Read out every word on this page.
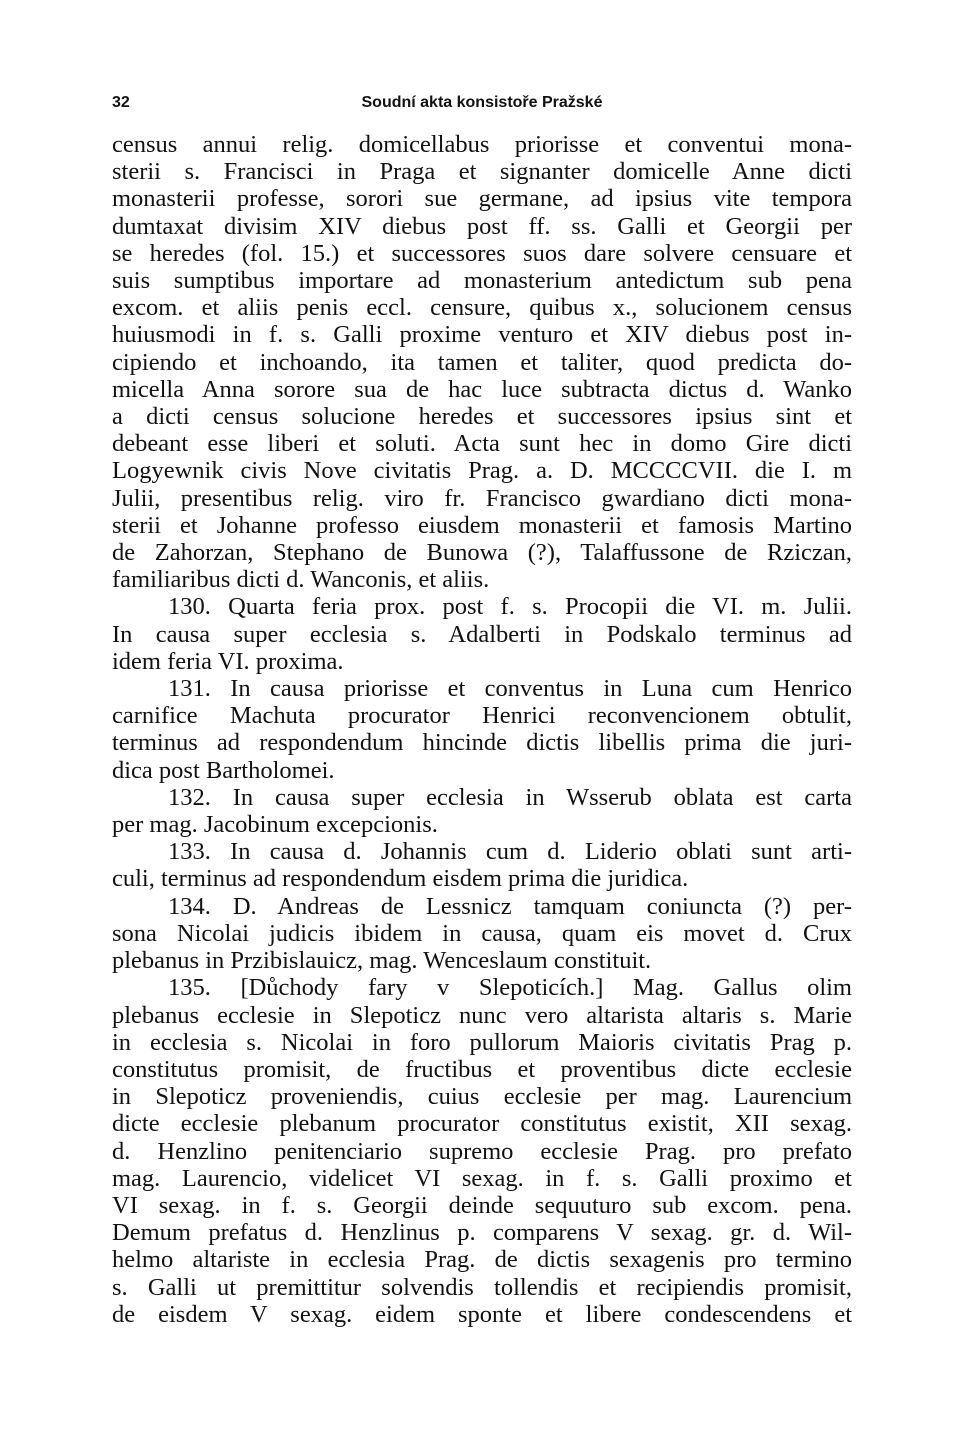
32	Soudní akta konsistoře Pražské

census annui relig. domicellabus priorisse et conventui mona-

sterii s. Francisci in Praga et signanter domicelle Anne dicti

monasterii professe, sorori sue germane, ad ipsius vite tempora

dumtaxat divisim XIV diebus post ff. ss. Galli et Georgii per

se heredes (fol. 15.) et successores suos dare solvere censuare et

suis sumptibus importare ad monasterium antedictum sub pena

excom. et aliis penis eccl. censure, quibus x., solucionem census

huiusmodi in f. s. Galli proxime venturo et XIV diebus post in-

cipiendo et inchoando, ita tamen et taliter, quod predicta do-

micella Anna sorore sua de hac luce subtracta dictus d. Wanko

a dicti census solucione heredes et successores ipsius sint et

debeant esse liberi et soluti. Acta sunt hec in domo Gire dicti

Logyewnik civis Nove civitatis Prag. a. D. MCCCCVII. die I. m

Julii, presentibus relig. viro fr. Francisco gwardiano dicti mona-

sterii et Johanne professo eiusdem monasterii et famosis Martino

de Zahorzan, Stephano de Bunowa (?), Talaffussone de Rziczan,

familiaribus dicti d. Wanconis, et aliis.

130. Quarta feria prox. post f. s. Procopii die VI. m. Julii.

In causa super ecclesia s. Adalberti in Podskalo terminus ad

idem feria VI. proxima.

131. In causa priorisse et conventus in Luna cum Henrico

carnifice Machuta procurator Henrici reconvencionem obtulit,

terminus ad respondendum hincinde dictis libellis prima die juri-

dica post Bartholomei.

132. In causa super ecclesia in Wsserub oblata est carta

per mag. Jacobinum excepcionis.

133. In causa d. Johannis cum d. Liderio oblati sunt arti-

culi, terminus ad respondendum eisdem prima die juridica.

134. D. Andreas de Lessnicz tamquam coniuncta (?) per-

sona Nicolai judicis ibidem in causa, quam eis movet d. Crux

plebanus in Przibislauicz, mag. Wenceslaum constituit.

135. [Důchody fary v Slepoticích.] Mag. Gallus olim

plebanus ecclesie in Slepoticz nunc vero altarista altaris s. Marie

in ecclesia s. Nicolai in foro pullorum Maioris civitatis Prag p.

constitutus promisit, de fructibus et proventibus dicte ecclesie

in Slepoticz proveniendis, cuius ecclesie per mag. Laurencium

dicte ecclesie plebanum procurator constitutus existit, XII sexag.

d. Henzlino penitenciario supremo ecclesie Prag. pro prefato

mag. Laurencio, videlicet VI sexag. in f. s. Galli proximo et

VI sexag. in f. s. Georgii deinde sequuturo sub excom. pena.

Demum prefatus d. Henzlinus p. comparens V sexag. gr. d. Wil-

helmo altariste in ecclesia Prag. de dictis sexagenis pro termino

s. Galli ut premittitur solvendis tollendis et recipiendis promisit,

de eisdem V sexag. eidem sponte et libere condescendens et
